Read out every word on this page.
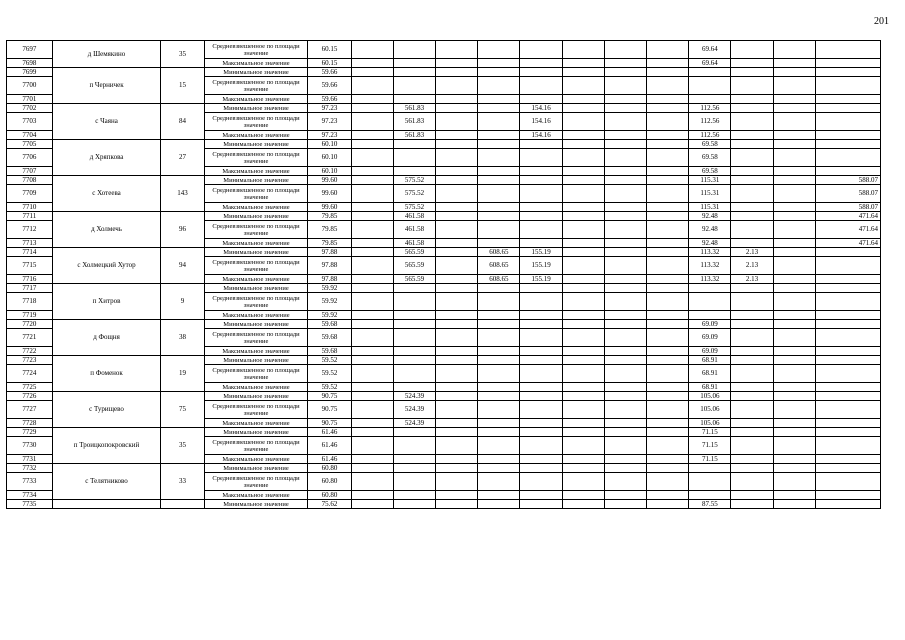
201
7697	д Шемякино	35	Средневзвешенное по площади значение	60.15									69.64			
7698			Максимальное значение	60.15									69.64			
7699	п Черничек	15	Минимальное значение	59.66												
7700			Средневзвешенное по площади значение	59.66												
7701			Максимальное значение	59.66												
7702	с Чаяна	84	Минимальное значение	97.23		561.83			154.16				112.56			
7703			Средневзвешенное по площади значение	97.23		561.83			154.16				112.56			
7704			Максимальное значение	97.23		561.83			154.16				112.56			
7705	д Хряпкова	27	Минимальное значение	60.10									69.58			
7706			Средневзвешенное по площади значение	60.10									69.58			
7707			Максимальное значение	60.10									69.58			
7708	с Хотеева	143	Минимальное значение	99.60		575.52							115.31			588.07
7709			Средневзвешенное по площади значение	99.60		575.52							115.31			588.07
7710			Максимальное значение	99.60		575.52							115.31			588.07
7711	д Холмечь	96	Минимальное значение	79.85		461.58							92.48			471.64
7712			Средневзвешенное по площади значение	79.85		461.58							92.48			471.64
7713			Максимальное значение	79.85		461.58							92.48			471.64
7714	с Холмецкий Хутор	94	Минимальное значение	97.88		565.59		608.65	155.19				113.32	2.13		
7715			Средневзвешенное по площади значение	97.88		565.59		608.65	155.19				113.32	2.13		
7716			Максимальное значение	97.88		565.59		608.65	155.19				113.32	2.13		
7717	п Хитров	9	Минимальное значение	59.92												
7718			Средневзвешенное по площади значение	59.92												
7719			Максимальное значение	59.92												
7720	д Фощня	38	Минимальное значение	59.68									69.09			
7721			Средневзвешенное по площади значение	59.68									69.09			
7722			Максимальное значение	59.68									69.09			
7723	п Фоменок	19	Минимальное значение	59.52									68.91			
7724			Средневзвешенное по площади значение	59.52									68.91			
7725			Максимальное значение	59.52									68.91			
7726	с Турищево	75	Минимальное значение	90.75		524.39							105.06			
7727			Средневзвешенное по площади значение	90.75		524.39							105.06			
7728			Максимальное значение	90.75		524.39							105.06			
7729	п Троицкопокровский	35	Минимальное значение	61.46									71.15			
7730			Средневзвешенное по площади значение	61.46									71.15			
7731			Максимальное значение	61.46									71.15			
7732	с Телятниково	33	Минимальное значение	60.80												
7733			Средневзвешенное по площади значение	60.80												
7734			Максимальное значение	60.80												
7735			Минимальное значение	75.62									87.55			
